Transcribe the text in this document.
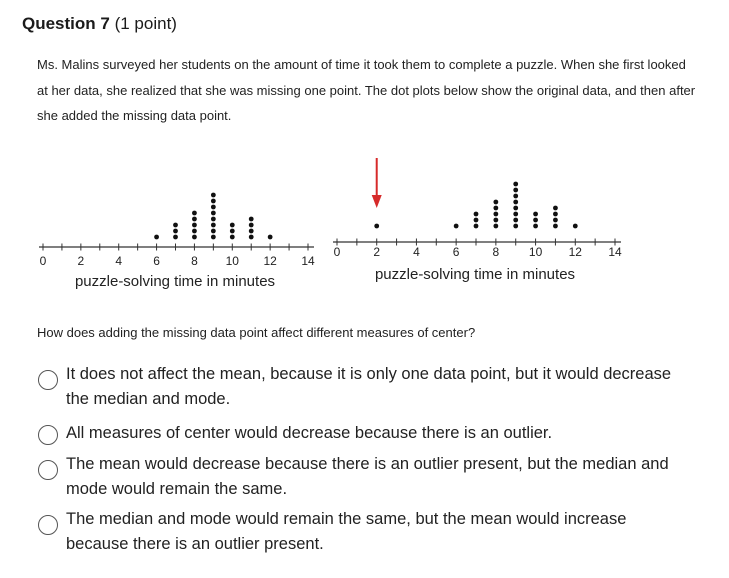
Question 7 (1 point)
Ms. Malins surveyed her students on the amount of time it took them to complete a puzzle. When she first looked at her data, she realized that she was missing one point. The dot plots below show the original data, and then after she added the missing data point.
0	2	4	6	8 10 12 14
puzzle-solving time in minutes
0	2	4	6	8 10 12 14
puzzle-solving time in minutes
How does adding the missing data point affect different measures of center?
It does not affect the mean, because it is only one data point, but it would decrease the median and mode.
All measures of center would decrease because there is an outlier.
The mean would decrease because there is an outlier present, but the median and mode would remain the same.
The median and mode would remain the same, but the mean would increase because there is an outlier present.
